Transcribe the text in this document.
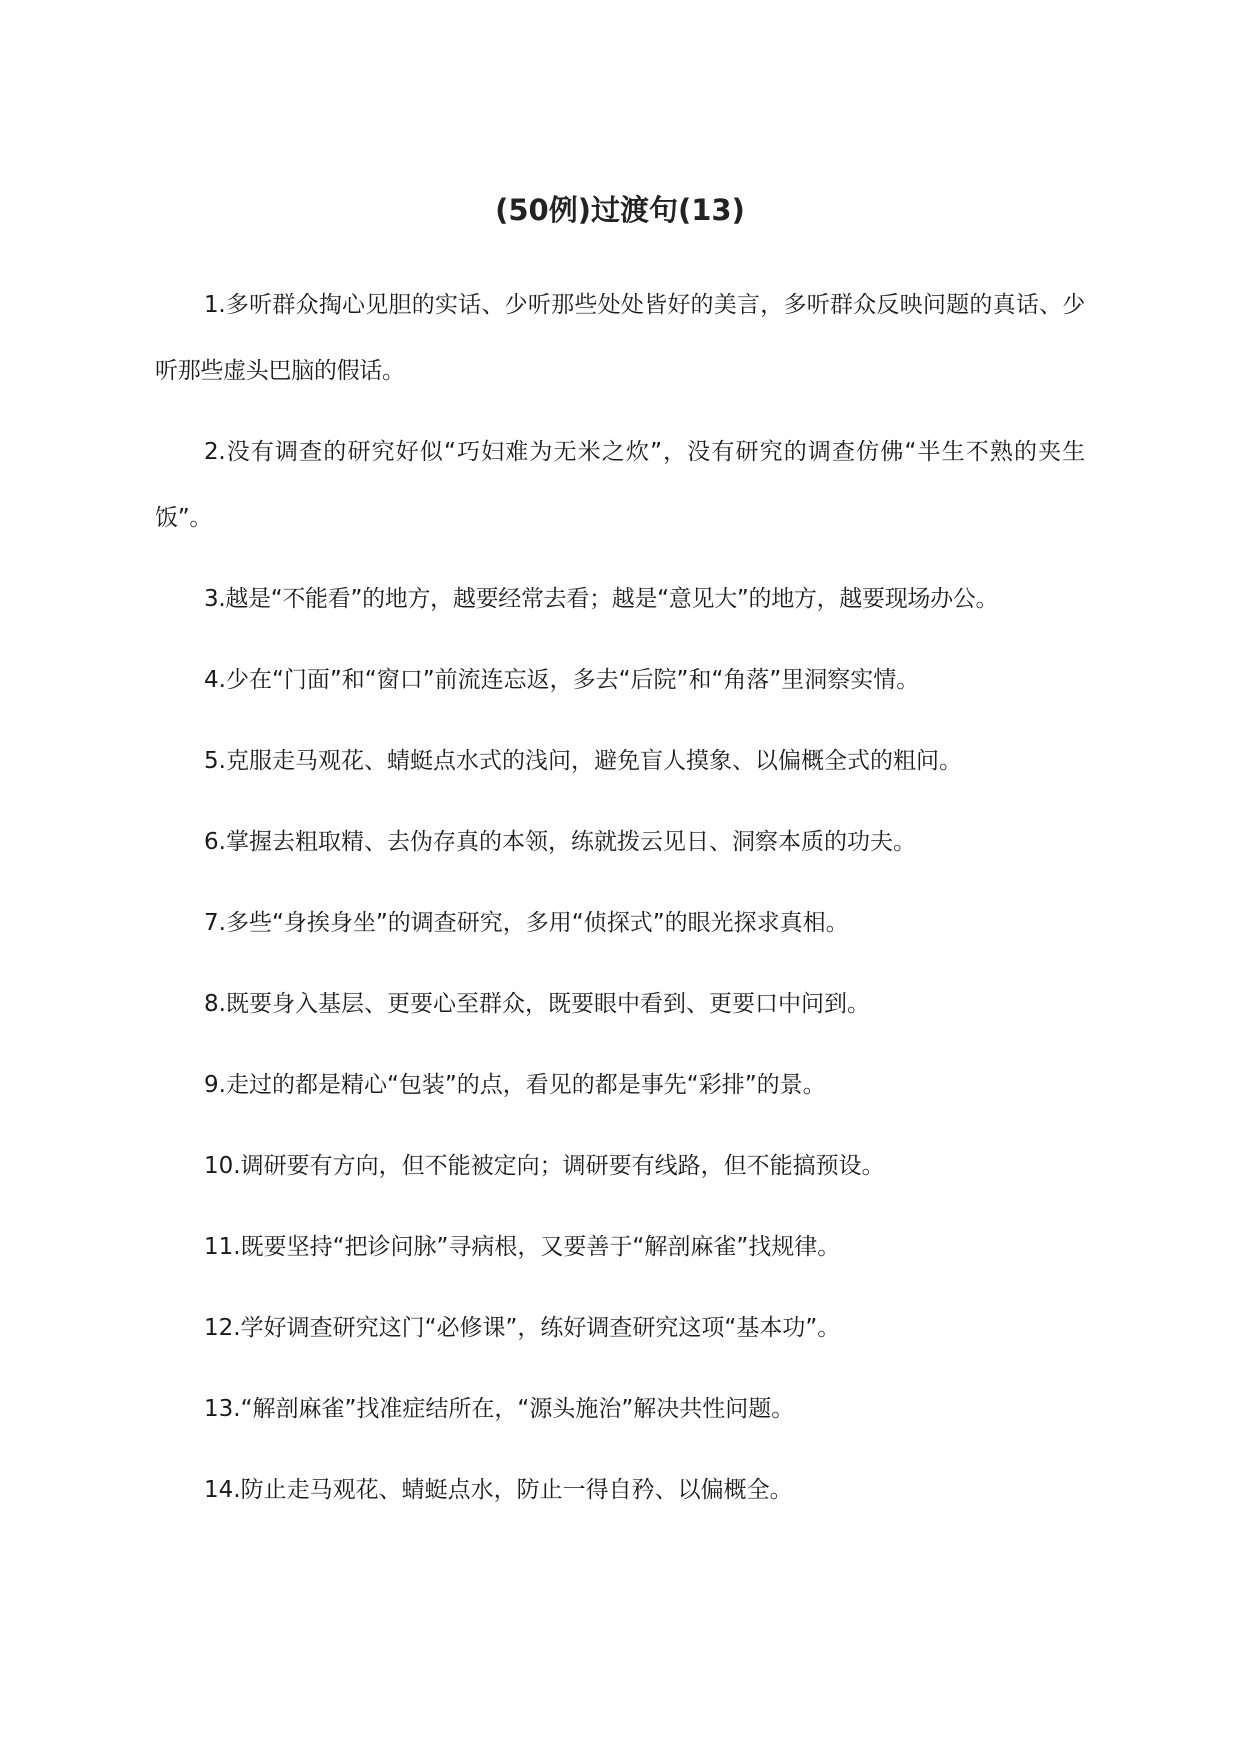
(50例)过渡句(13)

1.多听群众掏心见胆的实话、少听那些处处皆好的美言，多听群众反映问题的真话、少听那些虚头巴脑的假话。

2.没有调查的研究好似“巧妇难为无米之炊”，没有研究的调查仿佛“半生不熟的夹生饭”。

3.越是“不能看”的地方，越要经常去看；越是“意见大”的地方，越要现场办公。

4.少在“门面”和“窗口”前流连忘返，多去“后院”和“角落”里洞察实情。

5.克服走马观花、蜻蜓点水式的浅问，避免盲人摸象、以偏概全式的粗问。

6.掌握去粗取精、去伪存真的本领，练就拨云见日、洞察本质的功夫。

7.多些“身挨身坐”的调查研究，多用“侦探式”的眼光探求真相。

8.既要身入基层、更要心至群众，既要眼中看到、更要口中问到。

9.走过的都是精心“包装”的点，看见的都是事先“彩排”的景。

10.调研要有方向，但不能被定向；调研要有线路，但不能搞预设。

11.既要坚持“把诊问脉”寻病根，又要善于“解剖麻雀”找规律。

12.学好调查研究这门“必修课”，练好调查研究这项“基本功”。

13.“解剖麻雀”找准症结所在，“源头施治”解决共性问题。

14.防止走马观花、蜻蜓点水，防止一得自矜、以偏概全。
